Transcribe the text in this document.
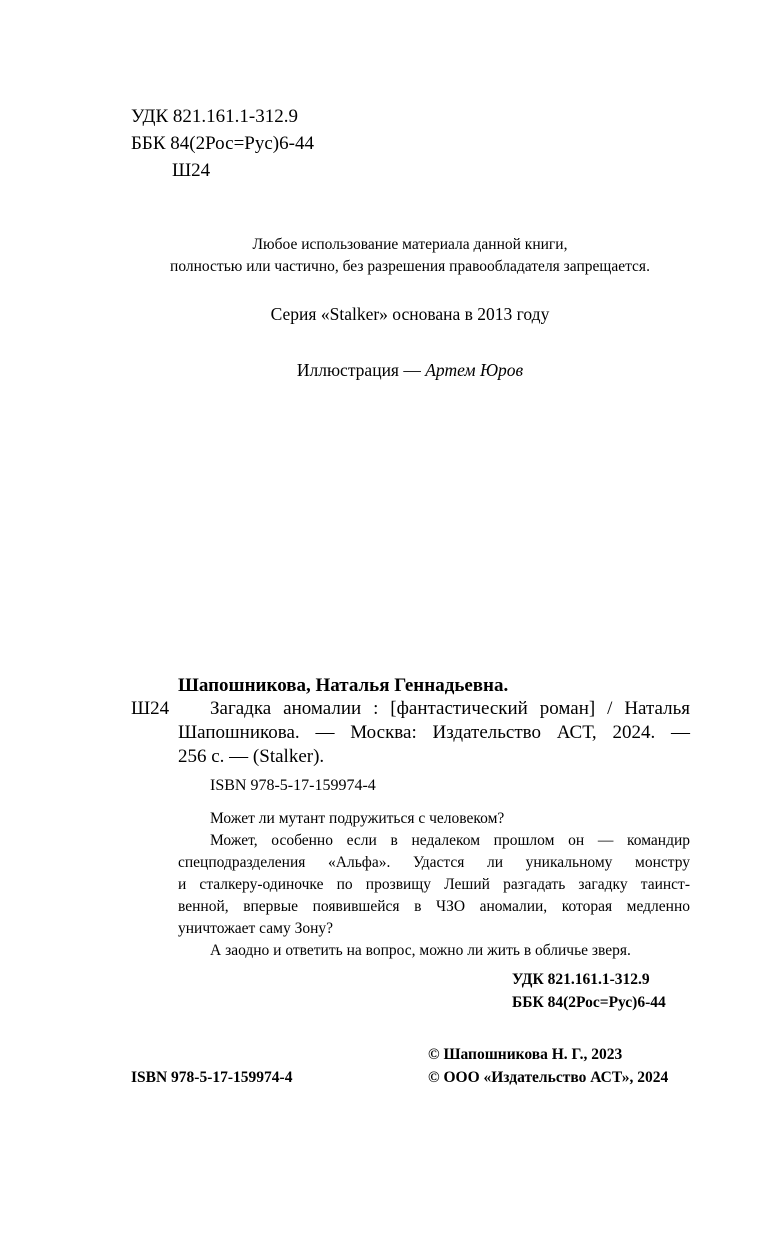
УДК 821.161.1-312.9
ББК 84(2Рос=Рус)6-44
Ш24
Любое использование материала данной книги,
полностью или частично, без разрешения правообладателя запрещается.
Серия «Stalker» основана в 2013 году
Иллюстрация — Артем Юров
Шапошникова, Наталья Геннадьевна.
Ш24 Загадка аномалии : [фантастический роман] / Наталья
Шапошникова. — Москва: Издательство АСТ, 2024. —
256 с. — (Stalker).
ISBN 978-5-17-159974-4
Может ли мутант подружиться с человеком?
Может, особенно если в недалеком прошлом он — командир
спецподразделения «Альфа». Удастся ли уникальному монстру
и сталкеру-одиночке по прозвищу Леший разгадать загадку таинст-
венной, впервые появившейся в ЧЗО аномалии, которая медленно
уничтожает саму Зону?
А заодно и ответить на вопрос, можно ли жить в обличье зверя.
УДК 821.161.1-312.9
ББК 84(2Рос=Рус)6-44
© Шапошникова Н. Г., 2023
ISBN 978-5-17-159974-4	© ООО «Издательство АСТ», 2024
